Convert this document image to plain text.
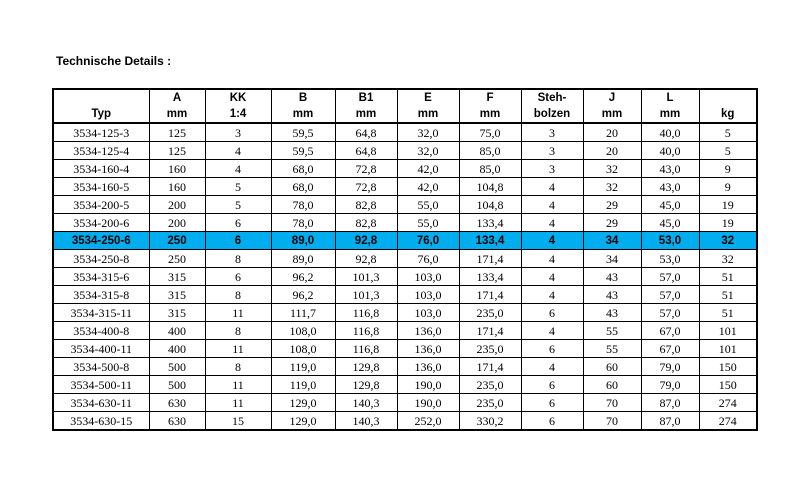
Technische Details :
	A	KK	B	B1	E	F	Steh-	J	L	
Typ	mm	1:4	mm	mm	mm	mm	bolzen	mm	mm	kg
3534-125-3	125	3	59,5	64,8	32,0	75,0	3	20	40,0	5
3534-125-4	125	4	59,5	64,8	32,0	85,0	3	20	40,0	5
3534-160-4	160	4	68,0	72,8	42,0	85,0	3	32	43,0	9
3534-160-5	160	5	68,0	72,8	42,0	104,8	4	32	43,0	9
3534-200-5	200	5	78,0	82,8	55,0	104,8	4	29	45,0	19
3534-200-6	200	6	78,0	82,8	55,0	133,4	4	29	45,0	19
3534-250-6	250	6	89,0	92,8	76,0	133,4	4	34	53,0	32
3534-250-8	250	8	89,0	92,8	76,0	171,4	4	34	53,0	32
3534-315-6	315	6	96,2	101,3	103,0	133,4	4	43	57,0	51
3534-315-8	315	8	96,2	101,3	103,0	171,4	4	43	57,0	51
3534-315-11	315	11	111,7	116,8	103,0	235,0	6	43	57,0	51
3534-400-8	400	8	108,0	116,8	136,0	171,4	4	55	67,0	101
3534-400-11	400	11	108,0	116,8	136,0	235,0	6	55	67,0	101
3534-500-8	500	8	119,0	129,8	136,0	171,4	4	60	79,0	150
3534-500-11	500	11	119,0	129,8	190,0	235,0	6	60	79,0	150
3534-630-11	630	11	129,0	140,3	190,0	235,0	6	70	87,0	274
3534-630-15	630	15	129,0	140,3	252,0	330,2	6	70	87,0	274
